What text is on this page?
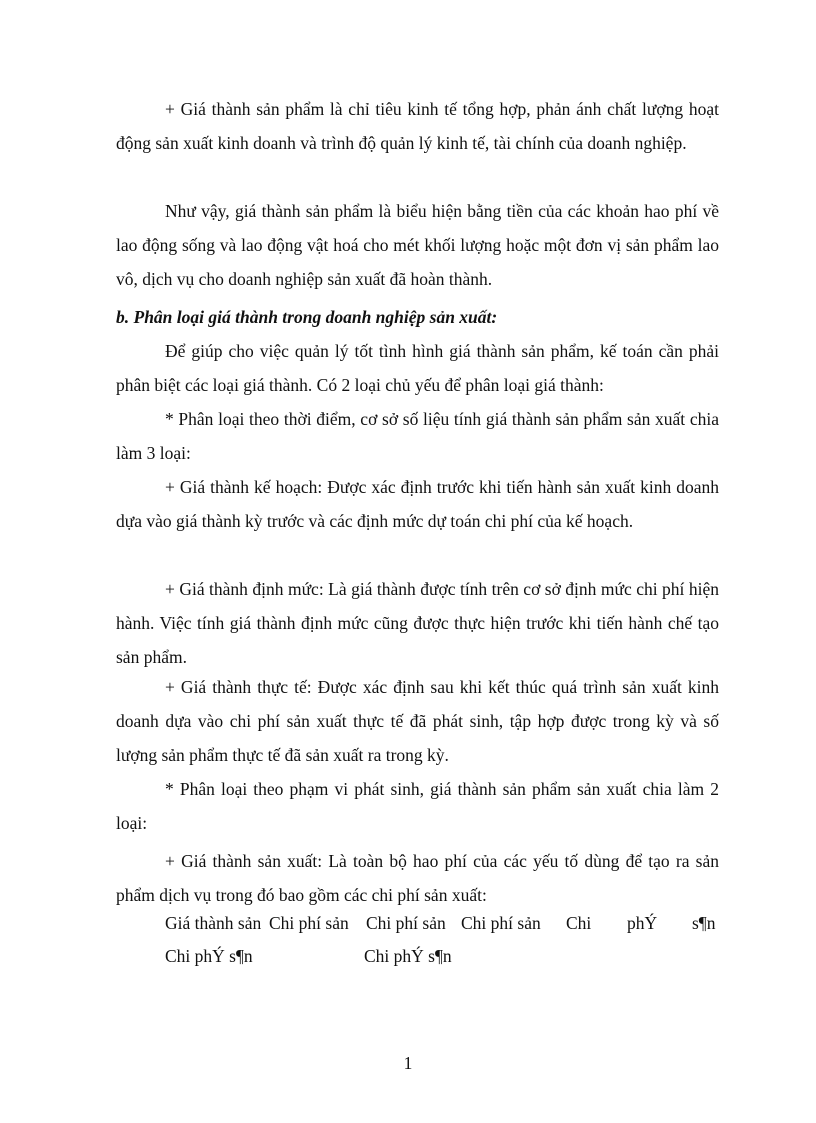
+ Giá thành sản phẩm là chỉ tiêu kinh tế tổng hợp, phản ánh chất lượng hoạt động sản xuất kinh doanh và trình độ quản lý kinh tế, tài chính của doanh nghiệp.

Như vậy, giá thành sản phẩm là biểu hiện bằng tiền của các khoản hao phí về lao động sống và lao động vật hoá cho mét khối lượng hoặc một đơn vị sản phẩm lao vô, dịch vụ cho doanh nghiệp sản xuất đã hoàn thành.

b. Phân loại giá thành trong doanh nghiệp sản xuất:

Để giúp cho việc quản lý tốt tình hình giá thành sản phẩm, kế toán cần phải phân biệt các loại giá thành. Có 2 loại chủ yếu để phân loại giá thành:

* Phân loại theo thời điểm, cơ sở số liệu tính giá thành sản phẩm sản xuất chia làm 3 loại:

+ Giá thành kế hoạch: Được xác định trước khi tiến hành sản xuất kinh doanh dựa vào giá thành kỳ trước và các định mức dự toán chi phí của kế hoạch.

+ Giá thành định mức: Là giá thành được tính trên cơ sở định mức chi phí hiện hành. Việc tính giá thành định mức cũng được thực hiện trước khi tiến hành chế tạo sản phẩm.

+ Giá thành thực tế: Được xác định sau khi kết thúc quá trình sản xuất kinh doanh dựa vào chi phí sản xuất thực tế đã phát sinh, tập hợp được trong kỳ và số lượng sản phẩm thực tế đã sản xuất ra trong kỳ.

* Phân loại theo phạm vi phát sinh, giá thành sản phẩm sản xuất chia làm 2 loại:

+ Giá thành sản xuất: Là toàn bộ hao phí của các yếu tố dùng để tạo ra sản phẩm dịch vụ trong đó bao gồm các chi phí sản xuất:

Giá thành sản Chi phí sản Chi phí sản Chi phí sản Chi phÝ s¶n
Chi phÝ s¶n	Chi phÝ s¶n
1
